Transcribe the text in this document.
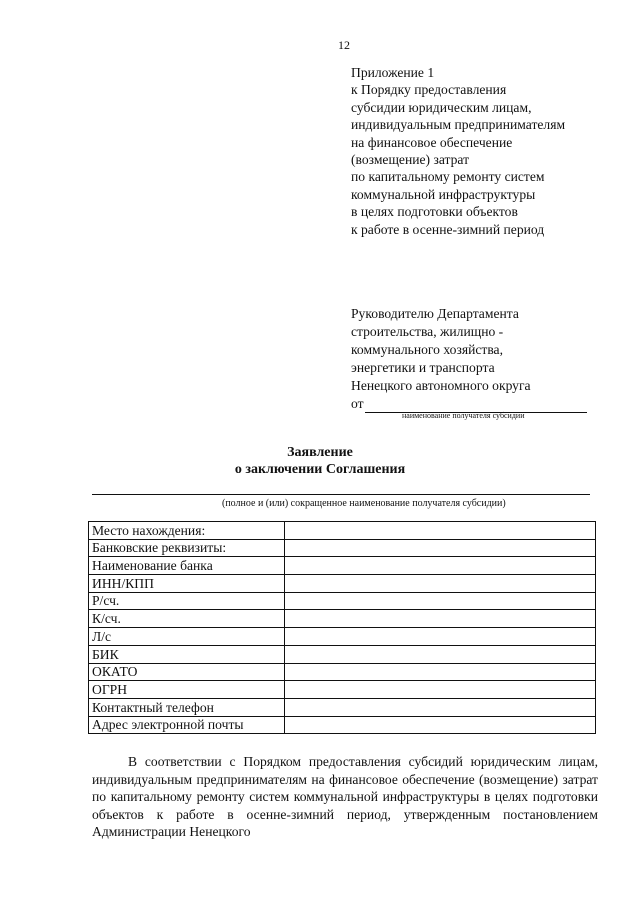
12
Приложение 1
к Порядку предоставления
субсидии юридическим лицам,
индивидуальным предпринимателям
на финансовое обеспечение
(возмещение) затрат
по капитальному ремонту систем
коммунальной инфраструктуры
в целях подготовки объектов
к работе в осенне-зимний период
Руководителю Департамента
строительства, жилищно -
коммунального хозяйства,
энергетики и транспорта
Ненецкого автономного округа
от
наименование получателя субсидии
Заявление
о заключении Соглашения
(полное и (или) сокращенное наименование получателя субсидии)
Место нахождения:	
Банковские реквизиты:	
Наименование банка	
ИНН/КПП	
Р/сч.	
К/сч.	
Л/с	
БИК	
ОКАТО	
ОГРН	
Контактный телефон	
Адрес электронной почты	

В соответствии с Порядком предоставления субсидий юридическим лицам, индивидуальным предпринимателям на финансовое обеспечение (возмещение) затрат по капитальному ремонту систем коммунальной инфраструктуры в целях подготовки объектов к работе в осенне-зимний период, утвержденным постановлением Администрации Ненецкого
